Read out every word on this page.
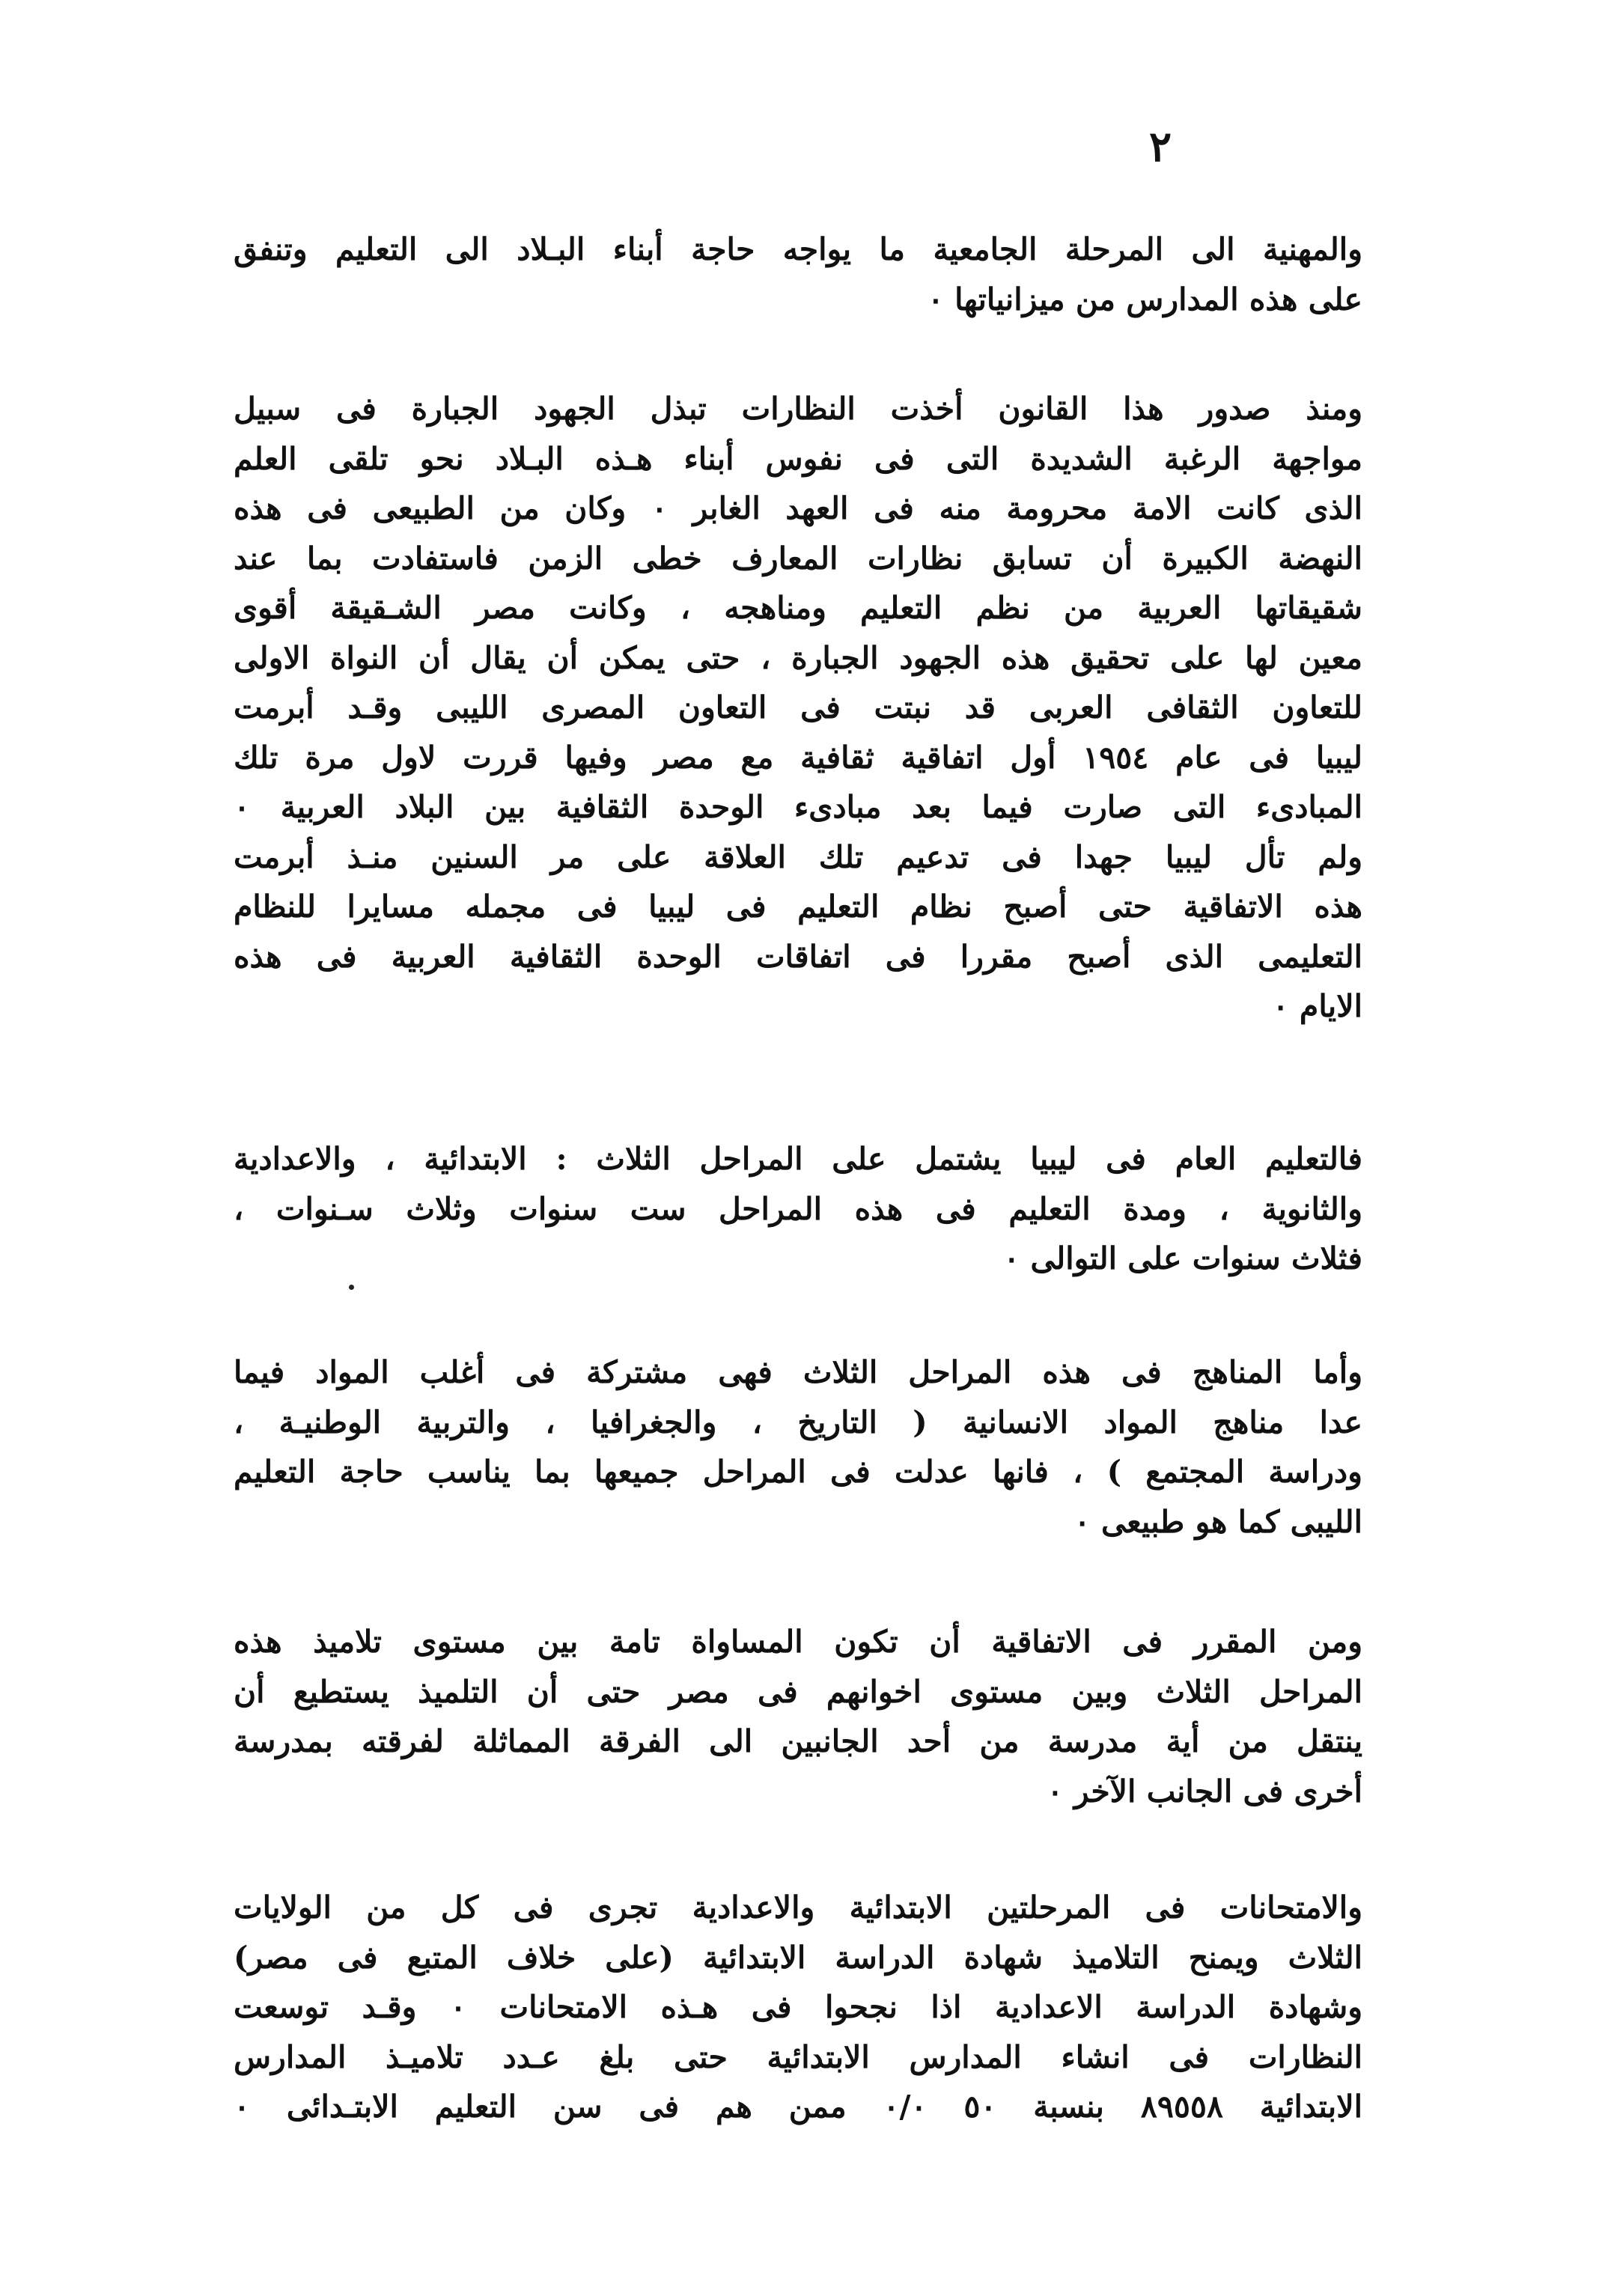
٢
والمهنية الى المرحلة الجامعية ما يواجه حاجة أبناء البـلاد الى التعليم وتنفق
على هذه المدارس من ميزانياتها ٠
ومنذ صدور هذا القانون أخذت النظارات تبذل الجهود الجبارة فى سبيل
مواجهة الرغبة الشديدة التى فى نفوس أبناء هـذه البـلاد نحو تلقى العلم
الذى كانت الامة محرومة منه فى العهد الغابر ٠ وكان من الطبيعى فى هذه
النهضة الكبيرة أن تسابق نظارات المعارف خطى الزمن فاستفادت بما عند
شقيقاتها العربية من نظم التعليم ومناهجه ، وكانت مصر الشـقيقة أقوى
معين لها على تحقيق هذه الجهود الجبارة ، حتى يمكن أن يقال أن النواة الاولى
للتعاون الثقافى العربى قد نبتت فى التعاون المصرى الليبى وقـد أبرمت
ليبيا فى عام ١٩٥٤ أول اتفاقية ثقافية مع مصر وفيها قررت لاول مرة تلك
المبادىء التى صارت فيما بعد مبادىء الوحدة الثقافية بين البلاد العربية ٠
ولم تأل ليبيا جهدا فى تدعيم تلك العلاقة على مر السنين منـذ أبرمت
هذه الاتفاقية حتى أصبح نظام التعليم فى ليبيا فى مجمله مسايرا للنظام
التعليمى الذى أصبح مقررا فى اتفاقات الوحدة الثقافية العربية فى هذه
الايام ٠
فالتعليم العام فى ليبيا يشتمل على المراحل الثلاث : الابتدائية ، والاعدادية
والثانوية ، ومدة التعليم فى هذه المراحل ست سنوات وثلاث سـنوات ،
فثلاث سنوات على التوالى ٠
وأما المناهج فى هذه المراحل الثلاث فهى مشتركة فى أغلب المواد فيما
عدا مناهج المواد الانسانية ( التاريخ ، والجغرافيا ، والتربية الوطنيـة ،
ودراسة المجتمع ) ، فانها عدلت فى المراحل جميعها بما يناسب حاجة التعليم
الليبى كما هو طبيعى ٠
ومن المقرر فى الاتفاقية أن تكون المساواة تامة بين مستوى تلاميذ هذه
المراحل الثلاث وبين مستوى اخوانهم فى مصر حتى أن التلميذ يستطيع أن
ينتقل من أية مدرسة من أحد الجانبين الى الفرقة المماثلة لفرقته بمدرسة
أخرى فى الجانب الآخر ٠
والامتحانات فى المرحلتين الابتدائية والاعدادية تجرى فى كل من الولايات
الثلاث ويمنح التلاميذ شهادة الدراسة الابتدائية (على خلاف المتبع فى مصر)
وشهادة الدراسة الاعدادية اذا نجحوا فى هـذه الامتحانات ٠ وقـد توسعت
النظارات فى انشاء المدارس الابتدائية حتى بلغ عـدد تلاميـذ المدارس
الابتدائية ٨٩٥٥٨ بنسبة ٥٠ ٠/٠ ممن هم فى سن التعليم الابتـدائى ٠
